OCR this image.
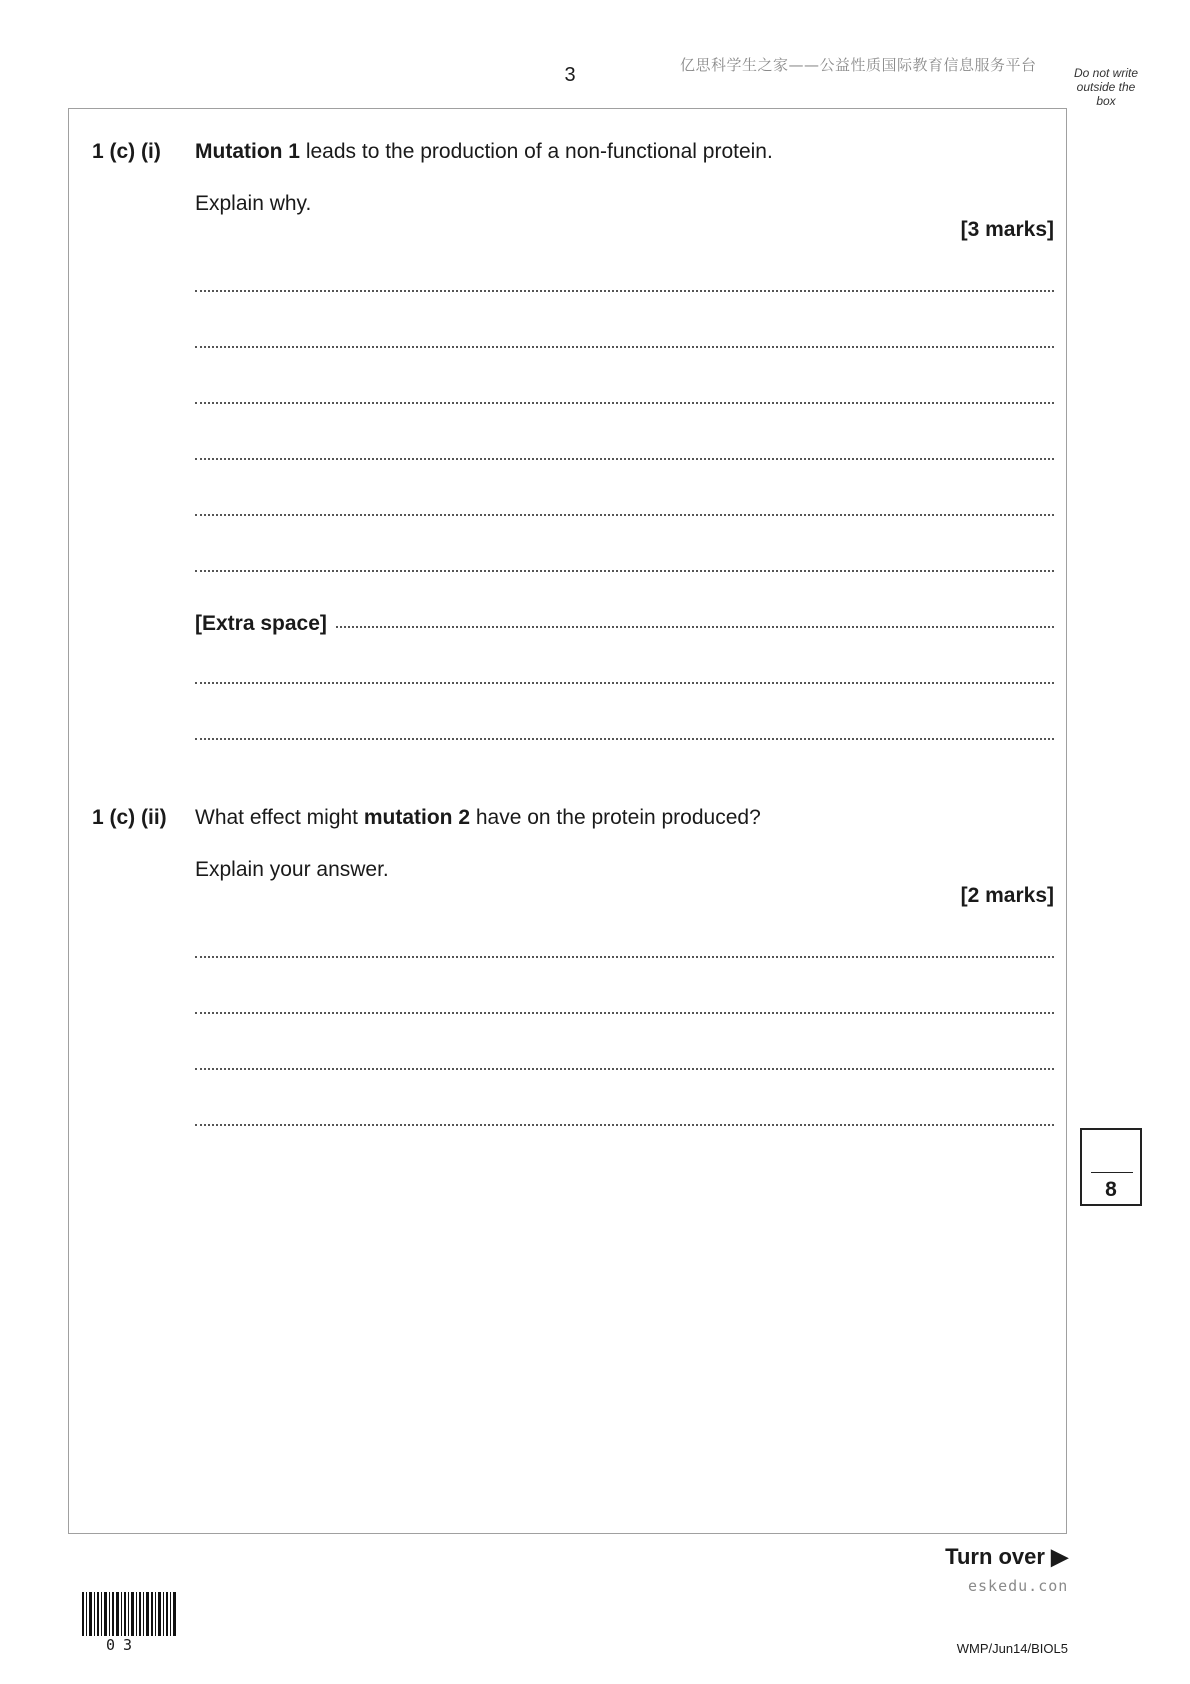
3	亿思科学生之家——公益性质国际教育信息服务平台	Do not write outside the box
1 (c) (i) Mutation 1 leads to the production of a non-functional protein.
Explain why.
[3 marks]
[Extra space]
1 (c) (ii) What effect might mutation 2 have on the protein produced?
Explain your answer.
[2 marks]
8
Turn over ▶
eskedu.con
03	WMP/Jun14/BIOL5
